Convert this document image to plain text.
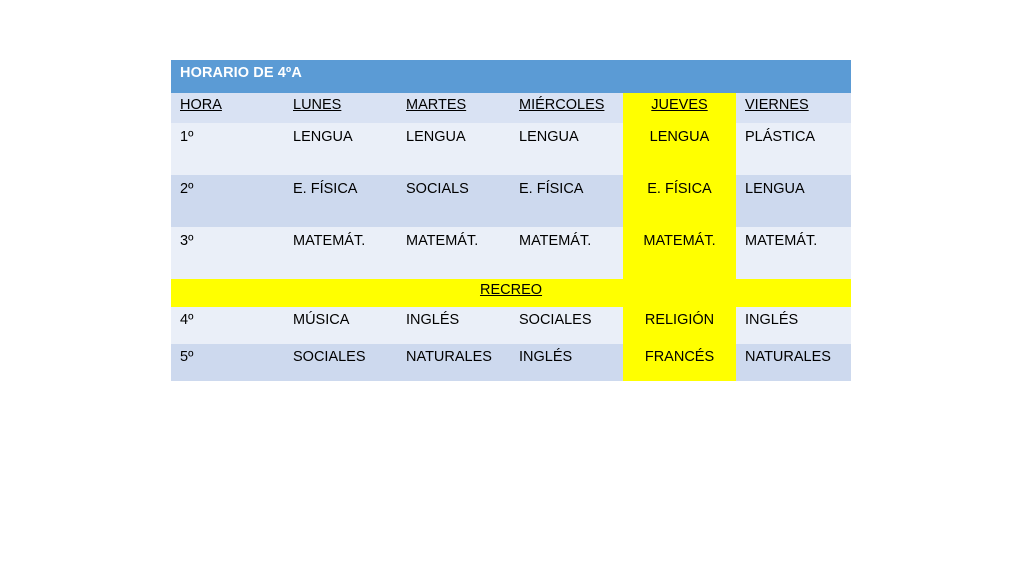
HORARIO DE 4ºA					
HORA	LUNES	MARTES	MIÉRCOLES	JUEVES	VIERNES
1º	LENGUA	LENGUA	LENGUA	LENGUA	PLÁSTICA
2º	E. FÍSICA	SOCIALS	E. FÍSICA	E. FÍSICA	LENGUA
3º	MATEMÁT.	MATEMÁT.	MATEMÁT.	MATEMÁT.	MATEMÁT.
RECREO					
4º	MÚSICA	INGLÉS	SOCIALES	RELIGIÓN	INGLÉS
5º	SOCIALES	NATURALES	INGLÉS	FRANCÉS	NATURALES
